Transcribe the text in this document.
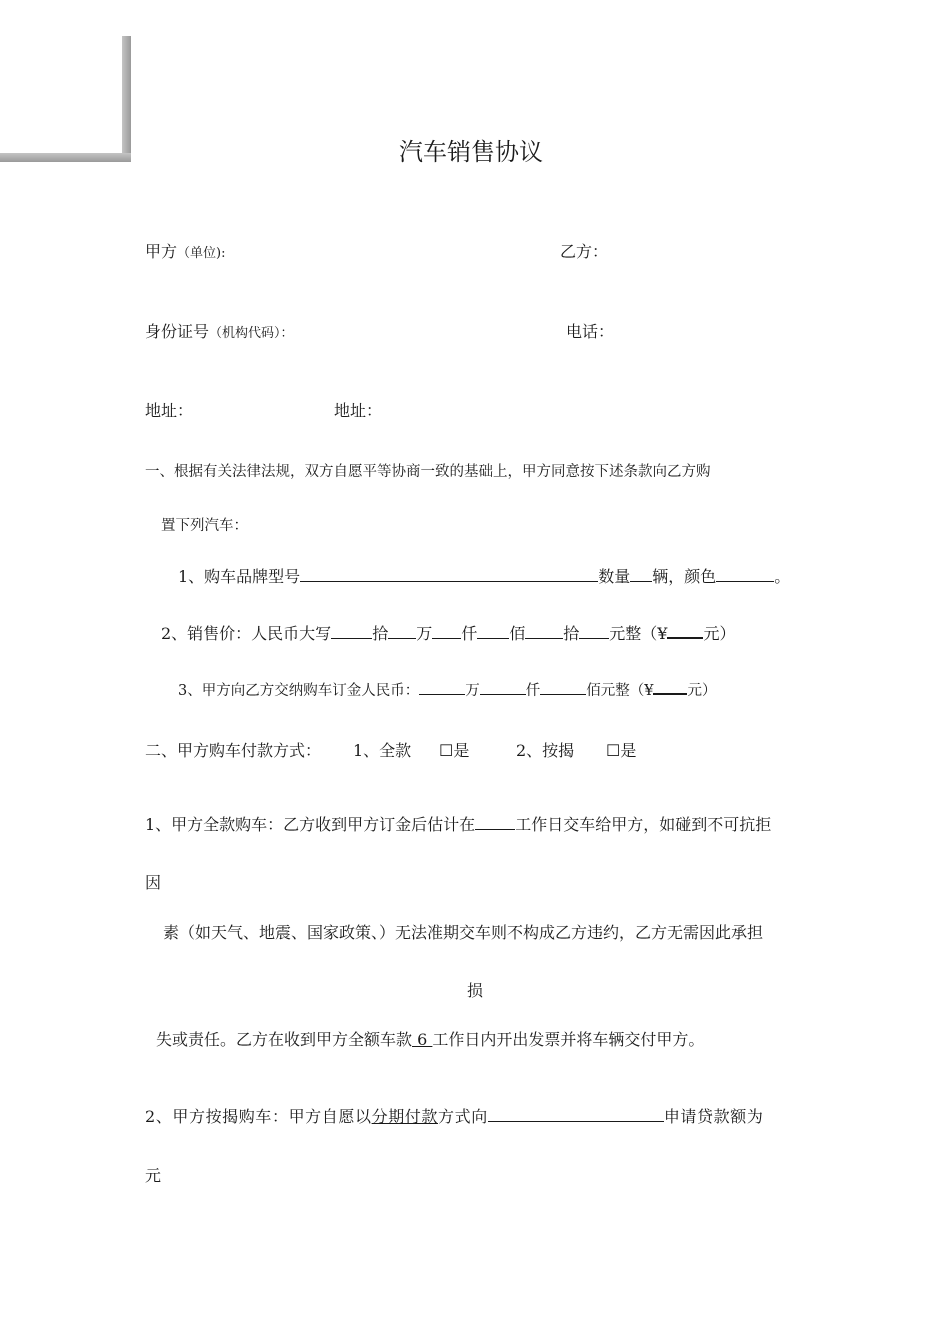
汽车销售协议
甲方（单位):	乙方：
身份证号（机构代码）：	电话：
地址：	地址：
一、根据有关法律法规，双方自愿平等协商一致的基础上，甲方同意按下述条款向乙方购
置下列汽车：
1、购车品牌型号	数量 辆，颜色	。
2、销售价：人民币大写	拾 万 仟 佰 拾 元整（¥ 元）
3、甲方向乙方交纳购车订金人民币：	万	仟	佰元整（¥ 元）
二、甲方购车付款方式： 1、全款 ☐是	2、按揭 ☐是
1、甲方全款购车：乙方收到甲方订金后估计在	工作日交车给甲方，如碰到不可抗拒
因
素（如天气、地震、国家政策、）无法准期交车则不构成乙方违约，乙方无需因此承担
损
失或责任。乙方在收到甲方全额车款 6 工作日内开出发票并将车辆交付甲方。
2、甲方按揭购车：甲方自愿以分期付款方式向	申请贷款额为
元
